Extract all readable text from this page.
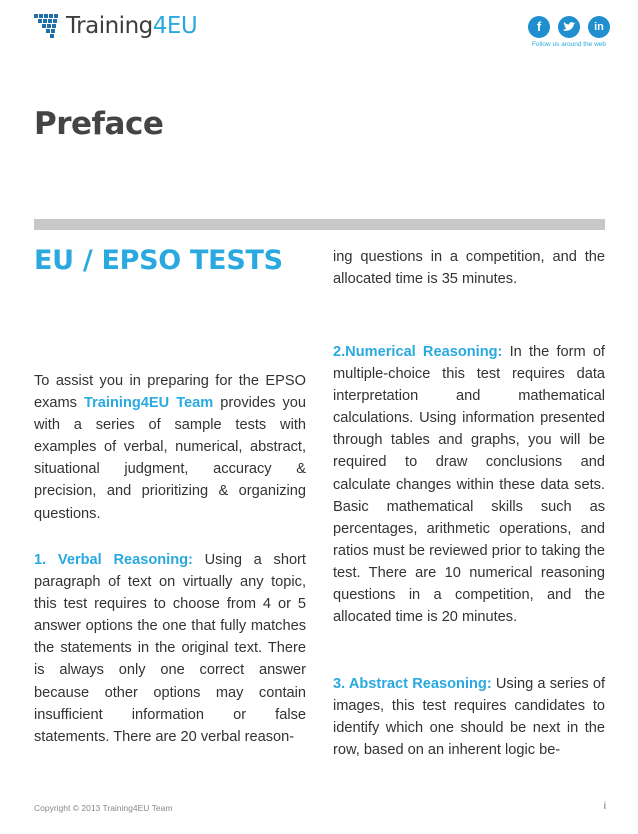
Training4EU	f	in
Follow us around the web
Preface
EU / EPSO TESTS

To assist you in preparing for the EPSO exams Training4EU Team provides you with a series of sample tests with examples of verbal, numerical, abstract, situational judgment, accuracy & precision, and prioritizing & organizing questions.

1. Verbal Reasoning: Using a short paragraph of text on virtually any topic, this test requires to choose from 4 or 5 answer options the one that fully matches the statements in the original text. There is always only one correct answer because other options may contain insufficient information or false statements. There are 20 verbal reason-

ing questions in a competition, and the allocated time is 35 minutes.

2.Numerical Reasoning: In the form of multiple-choice this test requires data interpretation and mathematical calculations. Using information presented through tables and graphs, you will be required to draw conclusions and calculate changes within these data sets. Basic mathematical skills such as percentages, arithmetic operations, and ratios must be reviewed prior to taking the test. There are 10 numerical reasoning questions in a competition, and the allocated time is 20 minutes.

3. Abstract Reasoning: Using a series of images, this test requires candidates to identify which one should be next in the row, based on an inherent logic be-

Copyright © 2013 Training4EU Team	i
